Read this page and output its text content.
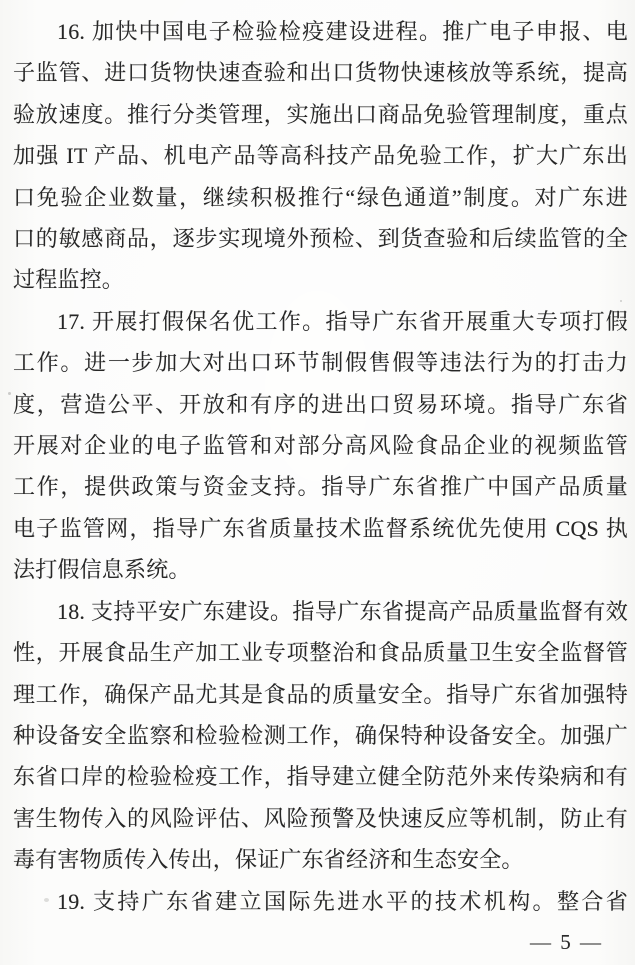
16. 加快中国电子检验检疫建设进程。推广电子申报、电
子监管、进口货物快速查验和出口货物快速核放等系统，提高
验放速度。推行分类管理，实施出口商品免验管理制度，重点
加强 IT 产品、机电产品等高科技产品免验工作，扩大广东出
口免验企业数量，继续积极推行“绿色通道”制度。对广东进
口的敏感商品，逐步实现境外预检、到货查验和后续监管的全
过程监控。
17. 开展打假保名优工作。指导广东省开展重大专项打假
工作。进一步加大对出口环节制假售假等违法行为的打击力
度，营造公平、开放和有序的进出口贸易环境。指导广东省
开展对企业的电子监管和对部分高风险食品企业的视频监管
工作，提供政策与资金支持。指导广东省推广中国产品质量
电子监管网，指导广东省质量技术监督系统优先使用 CQS 执
法打假信息系统。
18. 支持平安广东建设。指导广东省提高产品质量监督有效
性，开展食品生产加工业专项整治和食品质量卫生安全监督管
理工作，确保产品尤其是食品的质量安全。指导广东省加强特
种设备安全监察和检验检测工作，确保特种设备安全。加强广
东省口岸的检验检疫工作，指导建立健全防范外来传染病和有
害生物传入的风险评估、风险预警及快速反应等机制，防止有
毒有害物质传入传出，保证广东省经济和生态安全。
19. 支持广东省建立国际先进水平的技术机构。整合省
— 5 —
